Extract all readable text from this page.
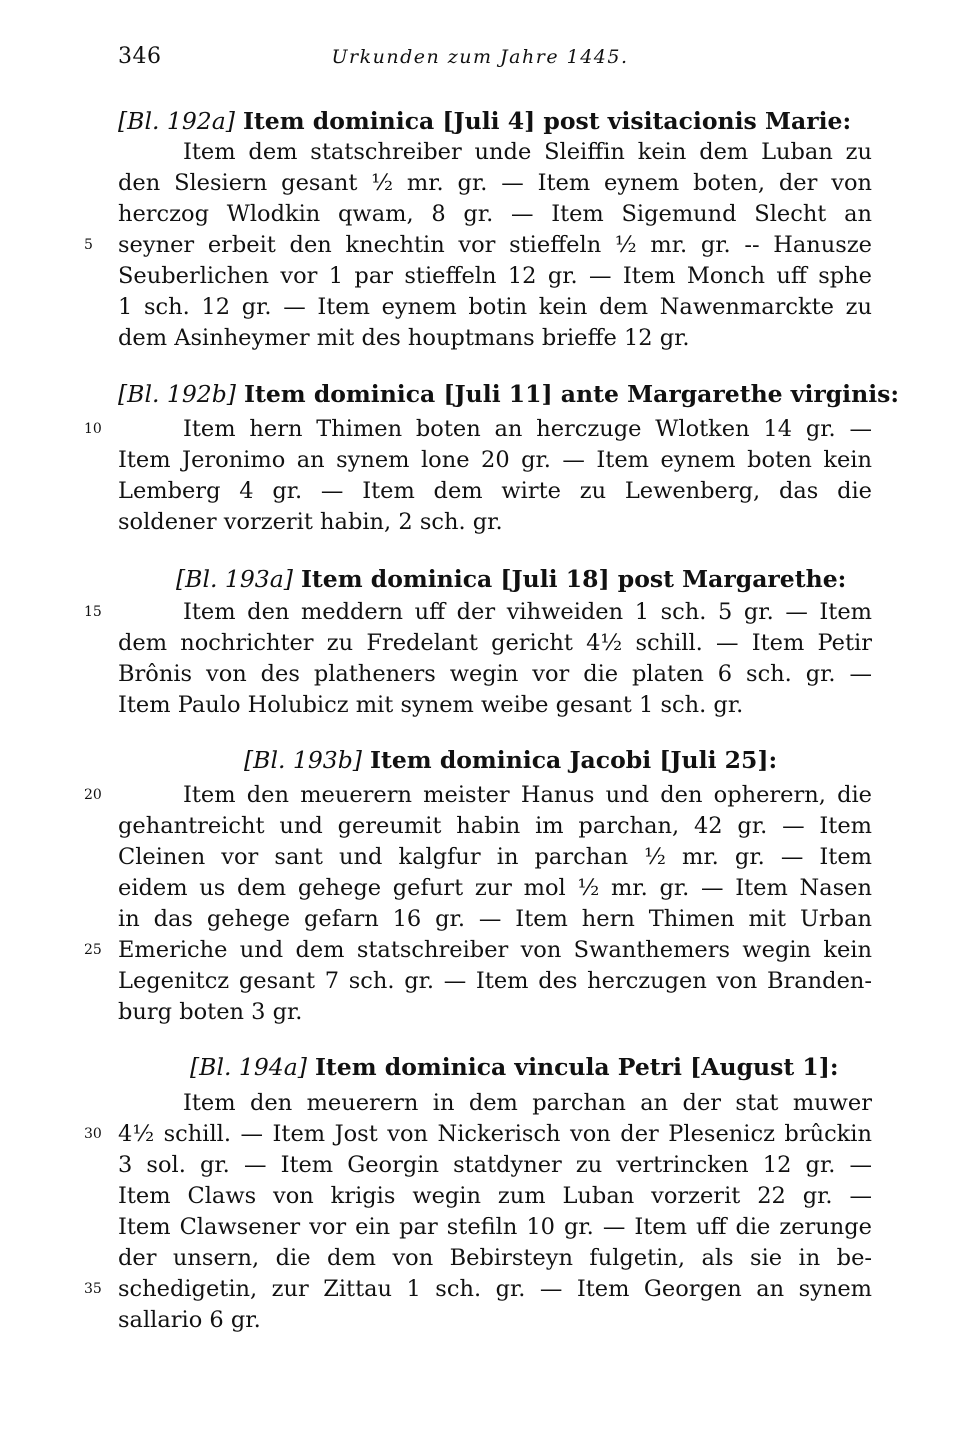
346	Urkunden zum Jahre 1445.
[Bl. 192a] Item dominica [Juli 4] post visitacionis Marie:
Item dem statschreiber unde Sleiffin kein dem Luban zu
den Slesiern gesant ½ mr. gr. — Item eynem boten, der von
herczog Wlodkin qwam, 8 gr. — Item Sigemund Slecht an
seyner erbeit den knechtin vor stieffeln ½ mr. gr. -- Hanusze
Seuberlichen vor 1 par stieffeln 12 gr. — Item Monch uff sphe
1 sch. 12 gr. — Item eynem botin kein dem Nawenmarckte zu
dem Asinheymer mit des houptmans brieffe 12 gr.
[Bl. 192b] Item dominica [Juli 11] ante Margarethe virginis:
Item hern Thimen boten an herczuge Wlotken 14 gr. —
Item Jeronimo an synem lone 20 gr. — Item eynem boten kein
Lemberg 4 gr. — Item dem wirte zu Lewenberg, das die
soldener vorzerit habin, 2 sch. gr.
[Bl. 193a] Item dominica [Juli 18] post Margarethe:
Item den meddern uff der vihweiden 1 sch. 5 gr. — Item
dem nochrichter zu Fredelant gericht 4½ schill. — Item Petir
Brônis von des platheners wegin vor die platen 6 sch. gr. —
Item Paulo Holubicz mit synem weibe gesant 1 sch. gr.
[Bl. 193b] Item dominica Jacobi [Juli 25]:
Item den meuerern meister Hanus und den opherern, die
gehantreicht und gereumit habin im parchan, 42 gr. — Item
Cleinen vor sant und kalgfur in parchan ½ mr. gr. — Item
eidem us dem gehege gefurt zur mol ½ mr. gr. — Item Nasen
in das gehege gefarn 16 gr. — Item hern Thimen mit Urban
Emeriche und dem statschreiber von Swanthemers wegin kein
Legenitcz gesant 7 sch. gr. — Item des herczugen von Branden-
burg boten 3 gr.
[Bl. 194a] Item dominica vincula Petri [August 1]:
Item den meuerern in dem parchan an der stat muwer
4½ schill. — Item Jost von Nickerisch von der Plesenicz brûckin
3 sol. gr. — Item Georgin statdyner zu vertrincken 12 gr. —
Item Claws von krigis wegin zum Luban vorzerit 22 gr. —
Item Clawsener vor ein par stefiln 10 gr. — Item uff die zerunge
der unsern, die dem von Bebirsteyn fulgetin, als sie in be-
schedigetin, zur Zittau 1 sch. gr. — Item Georgen an synem
sallario 6 gr.
5
10
15
20
25
30
35
